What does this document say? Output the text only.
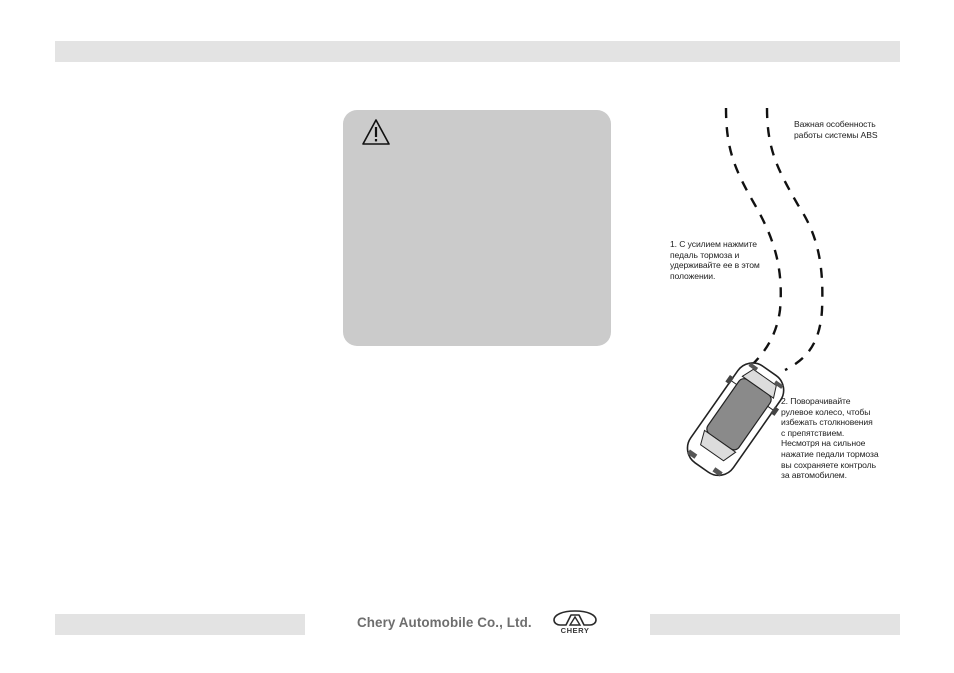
Важная особенность
работы системы ABS
1. С усилием нажмите
педаль тормоза и
удерживайте ее в этом
положении.
2. Поворачивайте
рулевое колесо, чтобы
избежать столкновения
с препятствием.
Несмотря на сильное
нажатие педали тормоза
вы сохраняете контроль
за автомобилем.
Chery Automobile Co., Ltd.
CHERY
